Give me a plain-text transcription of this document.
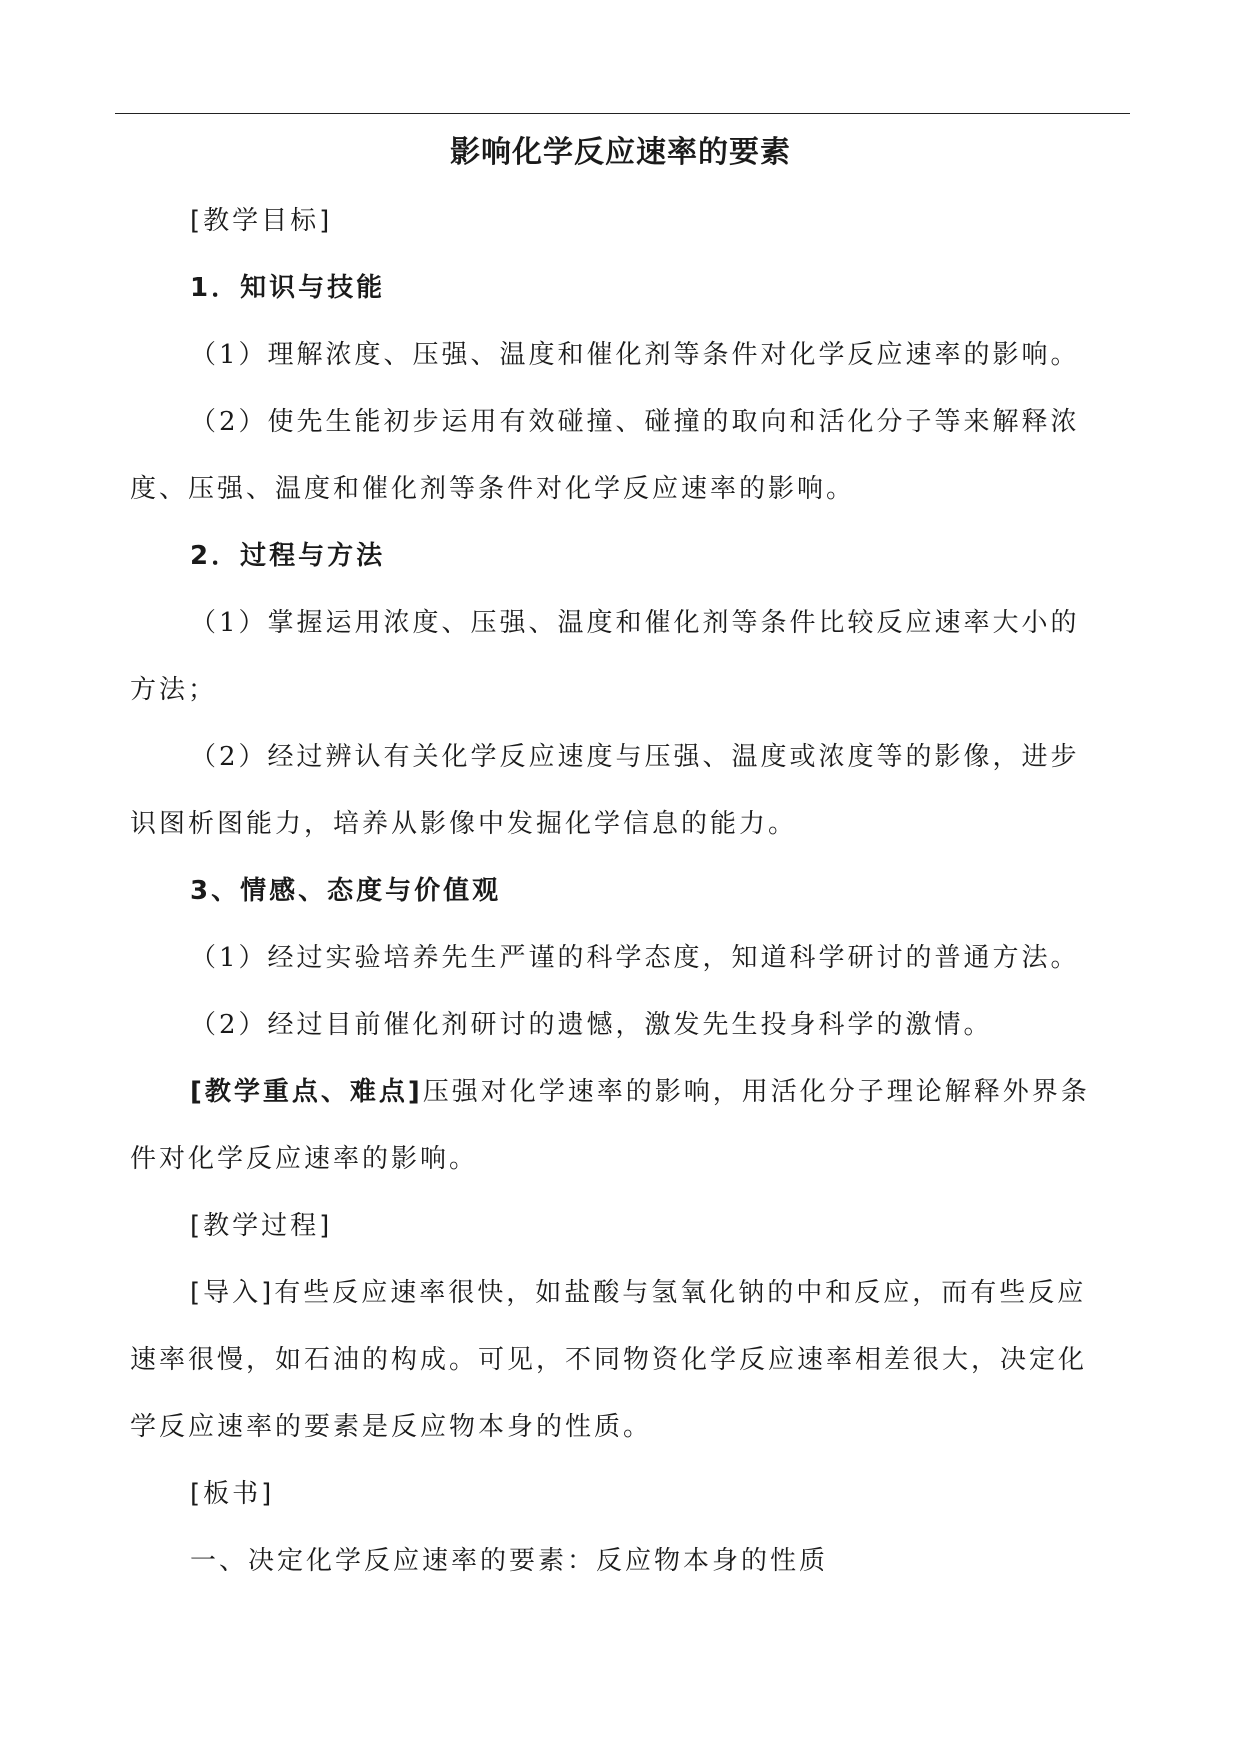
影响化学反应速率的要素
[教学目标]
1．知识与技能
（1）理解浓度、压强、温度和催化剂等条件对化学反应速率的影响。
（2）使先生能初步运用有效碰撞、碰撞的取向和活化分子等来解释浓
度、压强、温度和催化剂等条件对化学反应速率的影响。
2．过程与方法
（1）掌握运用浓度、压强、温度和催化剂等条件比较反应速率大小的
方法；
（2）经过辨认有关化学反应速度与压强、温度或浓度等的影像，进步
识图析图能力，培养从影像中发掘化学信息的能力。
3、情感、态度与价值观
（1）经过实验培养先生严谨的科学态度，知道科学研讨的普通方法。
（2）经过目前催化剂研讨的遗憾，激发先生投身科学的激情。
[教学重点、难点]压强对化学速率的影响，用活化分子理论解释外界条
件对化学反应速率的影响。
[教学过程]
[导入]有些反应速率很快，如盐酸与氢氧化钠的中和反应，而有些反应
速率很慢，如石油的构成。可见，不同物资化学反应速率相差很大，决定化
学反应速率的要素是反应物本身的性质。
[板书]
一、决定化学反应速率的要素：反应物本身的性质
